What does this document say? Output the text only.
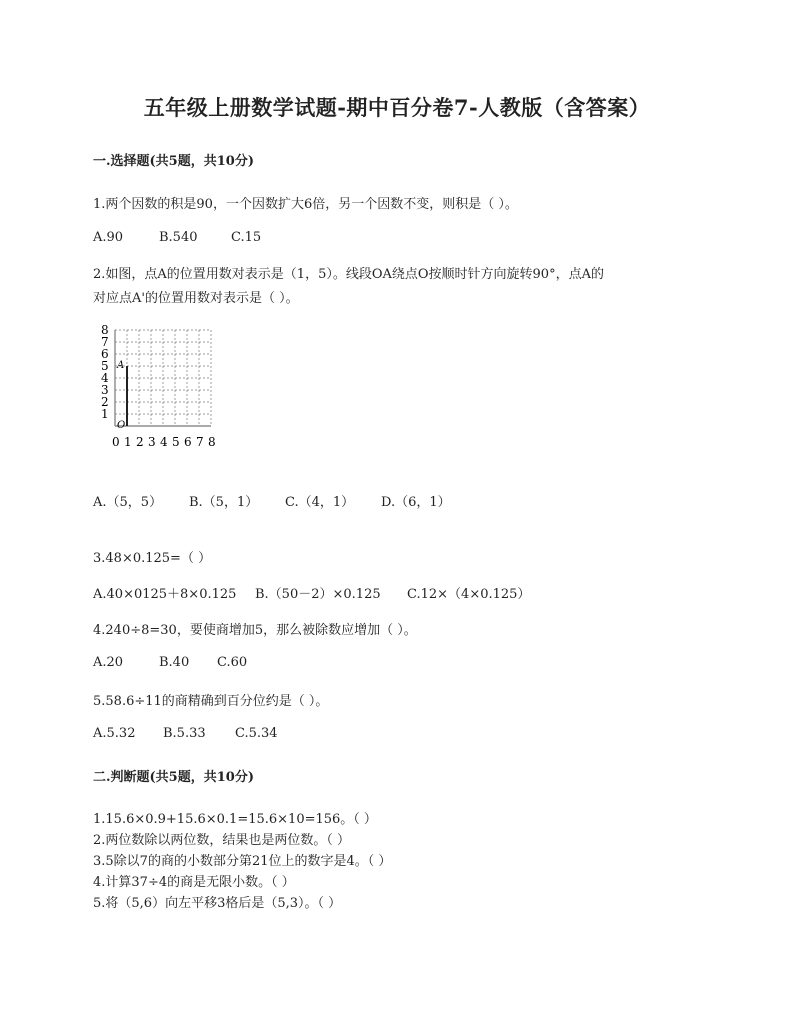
五年级上册数学试题-期中百分卷7-人教版（含答案）
一.选择题(共5题，共10分)
1.两个因数的积是90，一个因数扩大6倍，另一个因数不变，则积是（ ）。
A.90	B.540	C.15
2.如图，点A的位置用数对表示是（1，5）。线段OA绕点O按顺时针方向旋转90°，点A的
对应点A'的位置用数对表示是（ ）。
1
2
3
4
5
6
7
8
0 1 2 3 4 5 6 7 8
A
O
A.（5，5） B.（5，1） C.（4，1） D.（6，1）
3.48×0.125=（ ）
A.40×0125＋8×0.125 B.（50－2）×0.125 C.12×（4×0.125）
4.240÷8=30，要使商增加5，那么被除数应增加（ ）。
A.20	B.40 C.60
5.58.6÷11的商精确到百分位约是（ ）。
A.5.32 B.5.33 C.5.34
二.判断题(共5题，共10分)
1.15.6×0.9+15.6×0.1=15.6×10=156。（ ）
2.两位数除以两位数，结果也是两位数。（ ）
3.5除以7的商的小数部分第21位上的数字是4。（ ）
4.计算37÷4的商是无限小数。（ ）
5.将（5,6）向左平移3格后是（5,3）。（ ）
